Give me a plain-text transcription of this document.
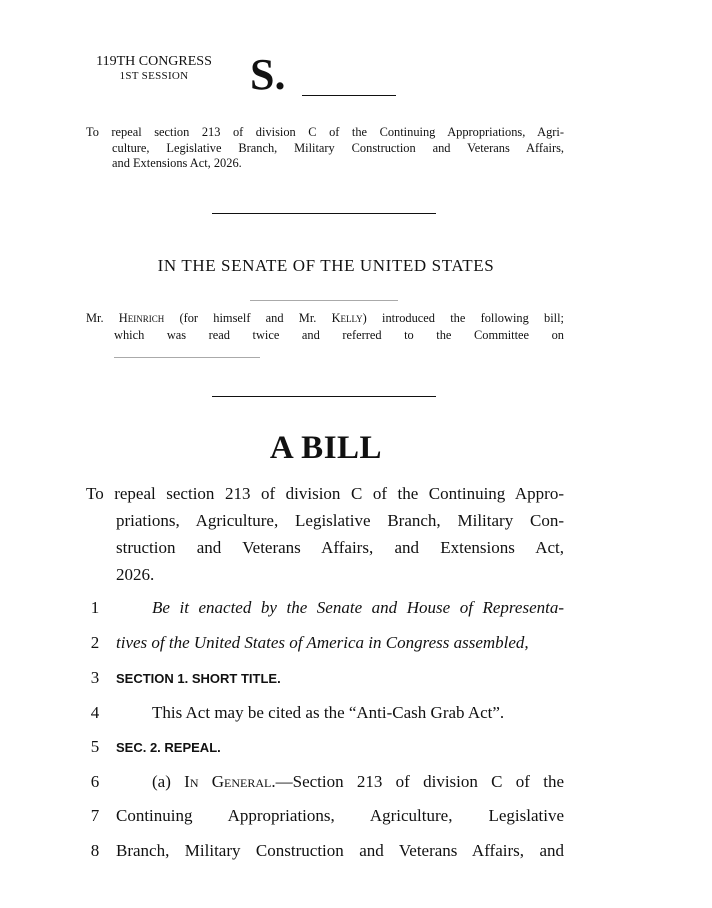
119TH CONGRESS
1ST SESSION	S.
To repeal section 213 of division C of the Continuing Appropriations, Agri-
culture, Legislative Branch, Military Construction and Veterans Affairs,
and Extensions Act, 2026.
IN THE SENATE OF THE UNITED STATES
Mr. Heinrich (for himself and Mr. Kelly) introduced the following bill;
which was read twice and referred to the Committee on
A BILL
To repeal section 213 of division C of the Continuing Appro-
priations, Agriculture, Legislative Branch, Military Con-
struction and Veterans Affairs, and Extensions Act,
2026.
1	Be it enacted by the Senate and House of Representa-
2 tives of the United States of America in Congress assembled,
3	SECTION 1. SHORT TITLE.
4	This Act may be cited as the “Anti-Cash Grab Act”.
5	SEC. 2. REPEAL.
6	(a) In General.—Section 213 of division C of the
7 Continuing Appropriations, Agriculture, Legislative
8 Branch, Military Construction and Veterans Affairs, and
